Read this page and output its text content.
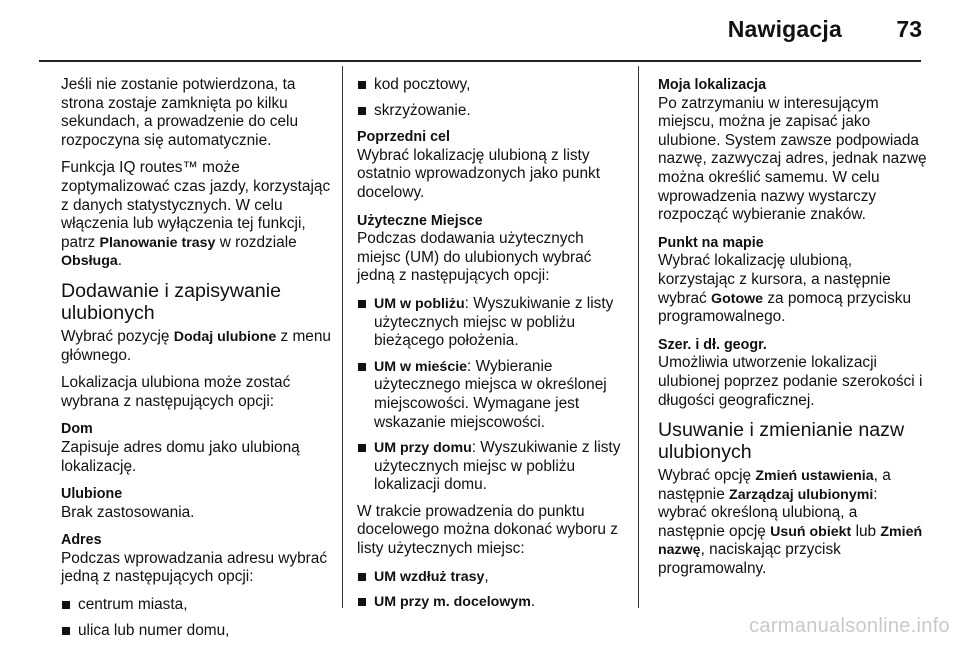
Nawigacja 73

Jeśli nie zostanie potwierdzona, ta strona zostaje zamknięta po kilku sekundach, a prowadzenie do celu rozpoczyna się automatycznie.

Funkcja IQ routes™ może zoptymalizować czas jazdy, korzystając z danych statystycznych. W celu włączenia lub wyłączenia tej funkcji, patrz Planowanie trasy w rozdziale Obsługa.

Dodawanie i zapisywanie ulubionych

Wybrać pozycję Dodaj ulubione z menu głównego.

Lokalizacja ulubiona może zostać wybrana z następujących opcji:

Dom
Zapisuje adres domu jako ulubioną lokalizację.
Ulubione
Brak zastosowania.
Adres
Podczas wprowadzania adresu wybrać jedną z następujących opcji:
centrum miasta,
ulica lub numer domu,
kod pocztowy,
skrzyżowanie.
Poprzedni cel
Wybrać lokalizację ulubioną z listy ostatnio wprowadzonych jako punkt docelowy.
Użyteczne Miejsce
Podczas dodawania użytecznych miejsc (UM) do ulubionych wybrać jedną z następujących opcji:
UM w pobliżu: Wyszukiwanie z listy użytecznych miejsc w pobliżu bieżącego położenia.
UM w mieście: Wybieranie użytecznego miejsca w określonej miejscowości. Wymagane jest wskazanie miejscowości.
UM przy domu: Wyszukiwanie z listy użytecznych miejsc w pobliżu lokalizacji domu.

W trakcie prowadzenia do punktu docelowego można dokonać wyboru z listy użytecznych miejsc:

UM wzdłuż trasy,
UM przy m. docelowym.
Moja lokalizacja
Po zatrzymaniu w interesującym miejscu, można je zapisać jako ulubione. System zawsze podpowiada nazwę, zazwyczaj adres, jednak nazwę można określić samemu. W celu wprowadzenia nazwy wystarczy rozpocząć wybieranie znaków.
Punkt na mapie
Wybrać lokalizację ulubioną, korzystając z kursora, a następnie wybrać Gotowe za pomocą przycisku programowalnego.
Szer. i dł. geogr.
Umożliwia utworzenie lokalizacji ulubionej poprzez podanie szerokości i długości geograficznej.
Usuwanie i zmienianie nazw ulubionych

Wybrać opcję Zmień ustawienia, a następnie Zarządzaj ulubionymi: wybrać określoną ulubioną, a następnie opcję Usuń obiekt lub Zmień nazwę, naciskając przycisk programowalny.

carmanualsonline.info
